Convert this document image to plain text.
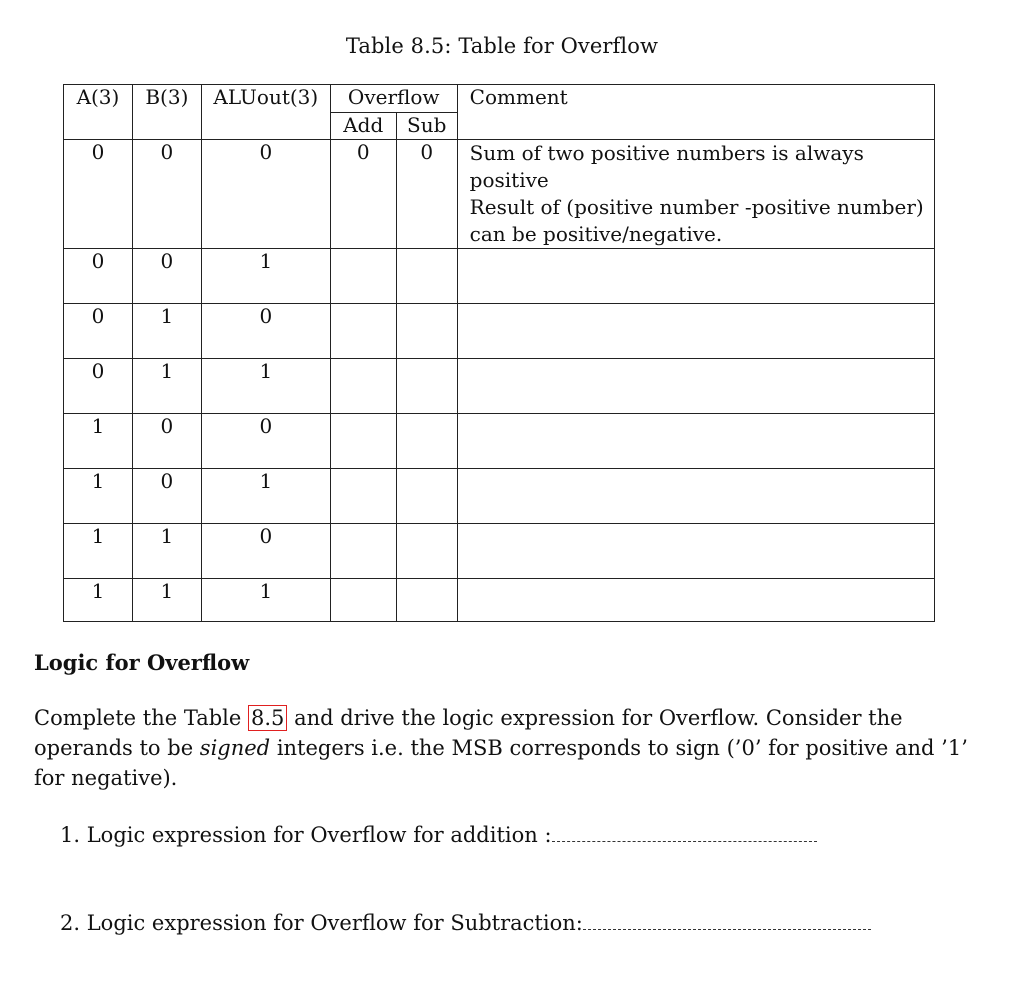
Table 8.5: Table for Overflow
A(3)	B(3)	ALUout(3)	Overflow		Comment
			Add	Sub	
0	0	0	0	0	Sum of two positive numbers is always positive
Result of (positive number -positive number)
can be positive/negative.

0	0	1			
0	1	0			
0	1	1			
1	0	0			
1	0	1			
1	1	0			
1	1	1			
Logic for Overflow

Complete the Table 8.5 and drive the logic expression for Overflow. Consider the operands to be signed integers i.e. the MSB corresponds to sign (’0’ for positive and ’1’ for negative).

1. Logic expression for Overflow for addition :
2. Logic expression for Overflow for Subtraction:
